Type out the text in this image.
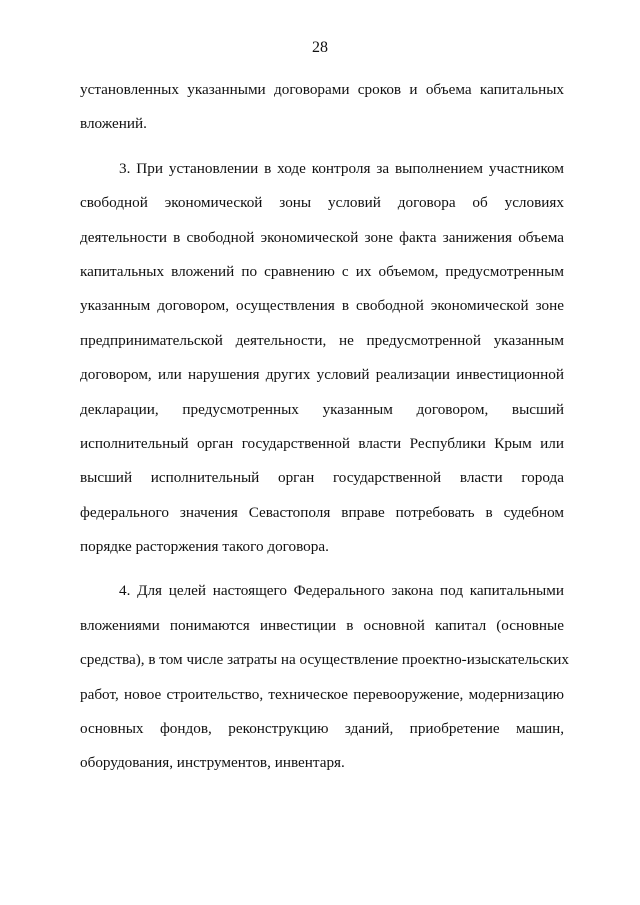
28
установленных указанными договорами сроков и объема капитальных
вложений.
3. При установлении в ходе контроля за выполнением участником
свободной экономической зоны условий договора об условиях
деятельности в свободной экономической зоне факта занижения объема
капитальных вложений по сравнению с их объемом, предусмотренным
указанным договором, осуществления в свободной экономической зоне
предпринимательской деятельности, не предусмотренной указанным
договором, или нарушения других условий реализации инвестиционной
декларации, предусмотренных указанным договором, высший
исполнительный орган государственной власти Республики Крым или
высший исполнительный орган государственной власти города
федерального значения Севастополя вправе потребовать в судебном
порядке расторжения такого договора.
4. Для целей настоящего Федерального закона под капитальными
вложениями понимаются инвестиции в основной капитал (основные
средства), в том числе затраты на осуществление проектно-изыскательских
работ, новое строительство, техническое перевооружение, модернизацию
основных фондов, реконструкцию зданий, приобретение машин,
оборудования, инструментов, инвентаря.
